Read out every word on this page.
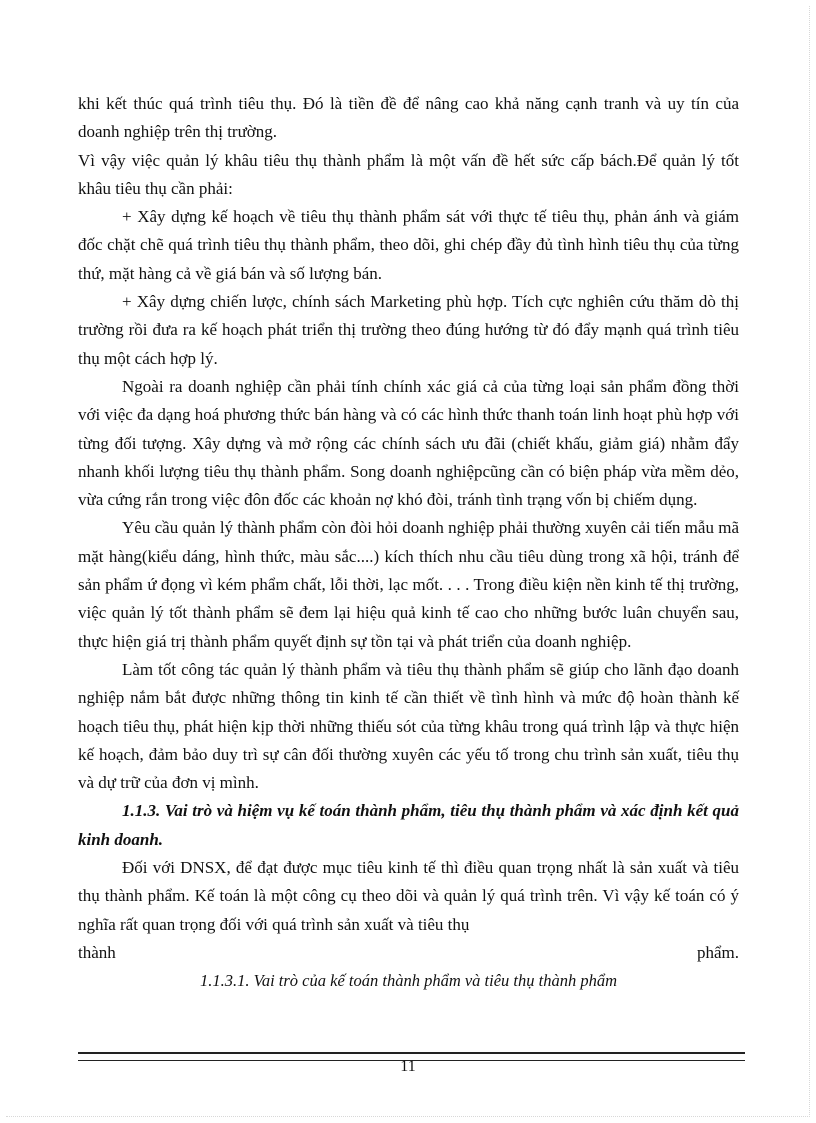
khi kết thúc quá trình tiêu thụ. Đó là tiền đề để nâng cao khả năng cạnh tranh và uy tín của doanh nghiệp trên thị trường.

Vì vậy việc quản lý khâu tiêu thụ thành phẩm là một vấn đề hết sức cấp bách.Để quản lý tốt khâu tiêu thụ cần phải:

+ Xây dựng kế hoạch về tiêu thụ thành phẩm sát với thực tế tiêu thụ, phản ánh và giám đốc chặt chẽ quá trình tiêu thụ thành phẩm, theo dõi, ghi chép đầy đủ tình hình tiêu thụ của từng thứ, mặt hàng cả về giá bán và số lượng bán.

+ Xây dựng chiến lược, chính sách Marketing phù hợp. Tích cực nghiên cứu thăm dò thị trường rồi đưa ra kế hoạch phát triển thị trường theo đúng hướng từ đó đẩy mạnh quá trình tiêu thụ một cách hợp lý.

Ngoài ra doanh nghiệp cần phải tính chính xác giá cả của từng loại sản phẩm đồng thời với việc đa dạng hoá phương thức bán hàng và có các hình thức thanh toán linh hoạt phù hợp với từng đối tượng. Xây dựng và mở rộng các chính sách ưu đãi (chiết khấu, giảm giá) nhằm đẩy nhanh khối lượng tiêu thụ thành phẩm. Song doanh nghiệpcũng cần có biện pháp vừa mềm dẻo, vừa cứng rắn trong việc đôn đốc các khoản nợ khó đòi, tránh tình trạng vốn bị chiếm dụng.

Yêu cầu quản lý thành phẩm còn đòi hỏi doanh nghiệp phải thường xuyên cải tiến mẫu mã mặt hàng(kiểu dáng, hình thức, màu sắc....) kích thích nhu cầu tiêu dùng trong xã hội, tránh để sản phẩm ứ đọng vì kém phẩm chất, lỗi thời, lạc mốt. . . . Trong điều kiện nền kinh tế thị trường, việc quản lý tốt thành phẩm sẽ đem lại hiệu quả kinh tế cao cho những bước luân chuyển sau, thực hiện giá trị thành phẩm quyết định sự tồn tại và phát triển của doanh nghiệp.

Làm tốt công tác quản lý thành phẩm và tiêu thụ thành phẩm sẽ giúp cho lãnh đạo doanh nghiệp nắm bắt được những thông tin kinh tế cần thiết về tình hình và mức độ hoàn thành kế hoạch tiêu thụ, phát hiện kịp thời những thiếu sót của từng khâu trong quá trình lập và thực hiện kế hoạch, đảm bảo duy trì sự cân đối thường xuyên các yếu tố trong chu trình sản xuất, tiêu thụ và dự trữ của đơn vị mình.

1.1.3. Vai trò và hiệm vụ kế toán thành phẩm, tiêu thụ thành phẩm và xác định kết quả kinh doanh.

Đối với DNSX, để đạt được mục tiêu kinh tế thì điều quan trọng nhất là sản xuất và tiêu thụ thành phẩm. Kế toán là một công cụ theo dõi và quản lý quá trình trên. Vì vậy kế toán có ý nghĩa rất quan trọng đối với quá trình sản xuất và tiêu thụ

thành	phẩm.

1.1.3.1. Vai trò của kế toán thành phẩm và tiêu thụ thành phẩm

11
